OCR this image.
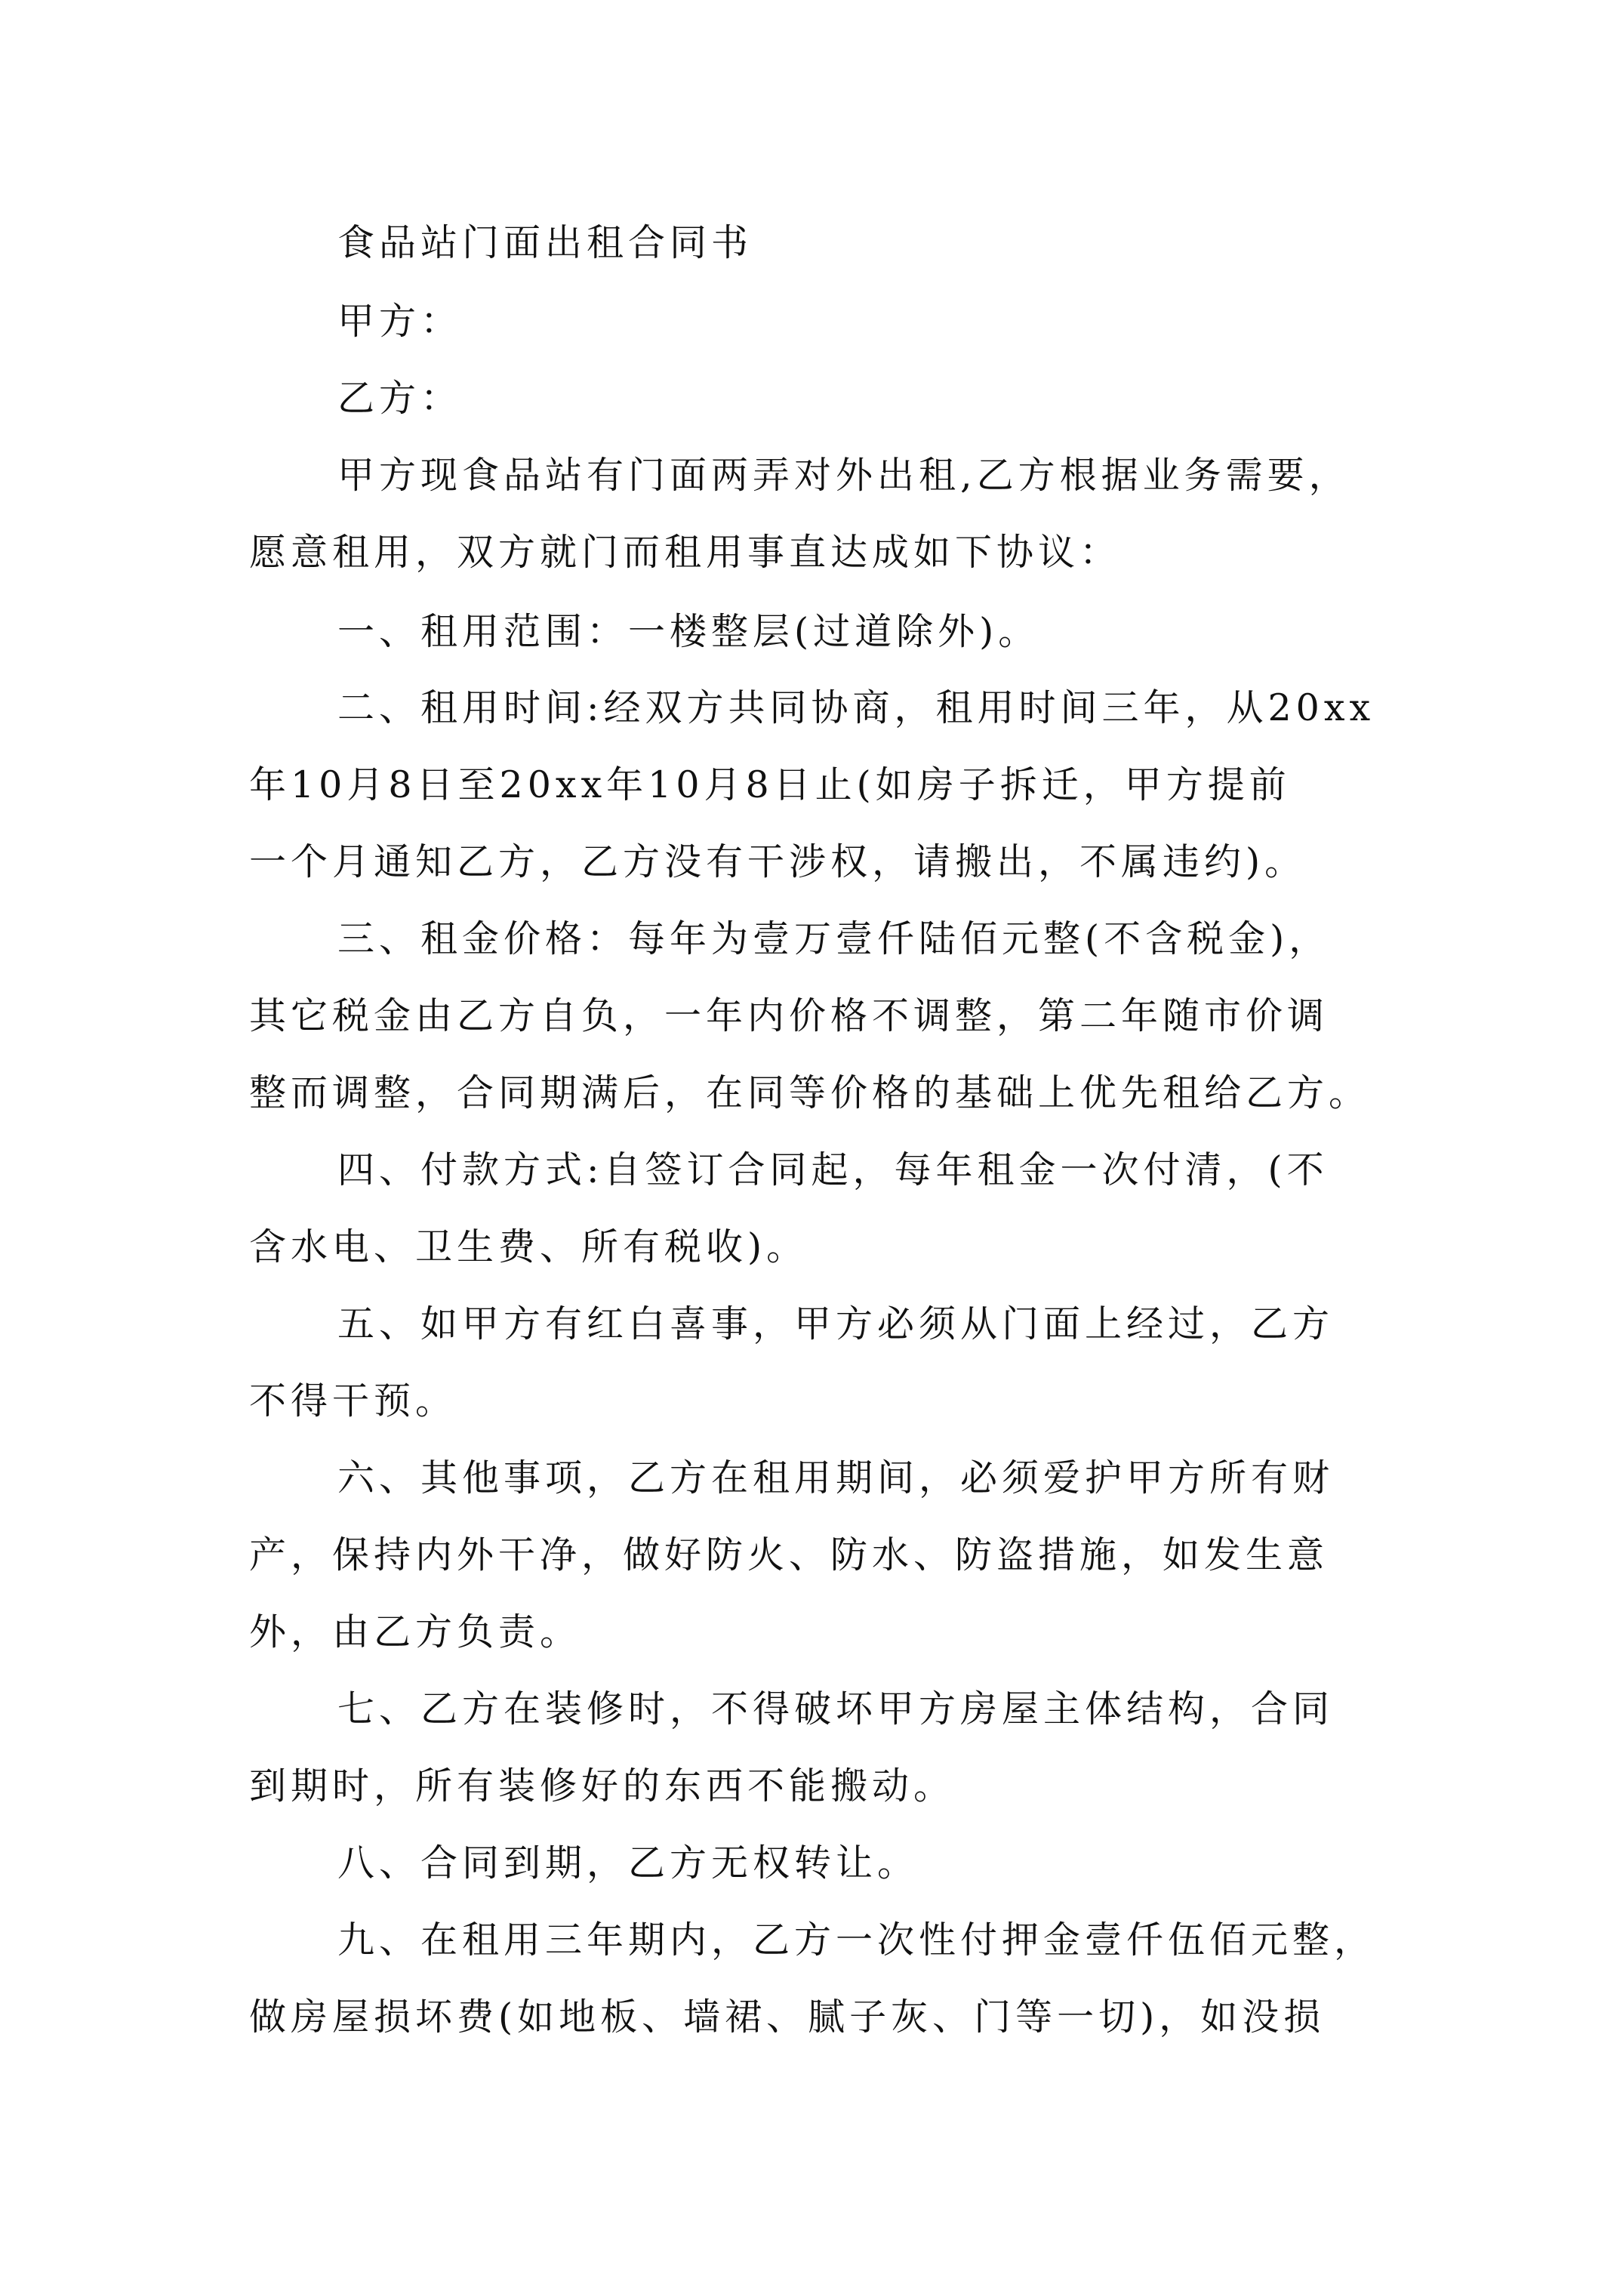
食品站门面出租合同书
甲方：
乙方：
甲方现食品站有门面两弄对外出租,乙方根据业务需要，
愿意租用，双方就门而租用事直达成如下协议：
一、租用范围：一楼整层(过道除外)。
二、租用时间:经双方共同协商，租用时间三年，从20xx
年10月8日至20xx年10月8日止(如房子拆迁，甲方提前
一个月通知乙方，乙方没有干涉权，请搬出，不属违约)。
三、租金价格：每年为壹万壹仟陆佰元整(不含税金)，
其它税金由乙方自负，一年内价格不调整，第二年随市价调
整而调整，合同期满后，在同等价格的基础上优先租给乙方。
四、付款方式:自签订合同起，每年租金一次付清，(不
含水电、卫生费、所有税收)。
五、如甲方有红白喜事，甲方必须从门面上经过，乙方
不得干预。
六、其他事项，乙方在租用期间，必须爱护甲方所有财
产，保持内外干净，做好防火、防水、防盗措施，如发生意
外，由乙方负责。
七、乙方在装修时，不得破坏甲方房屋主体结构，合同
到期时，所有装修好的东西不能搬动。
八、合同到期，乙方无权转让。
九、在租用三年期内，乙方一次性付押金壹仟伍佰元整，
做房屋损坏费(如地板、墙裙、腻子灰、门等一切)，如没损
